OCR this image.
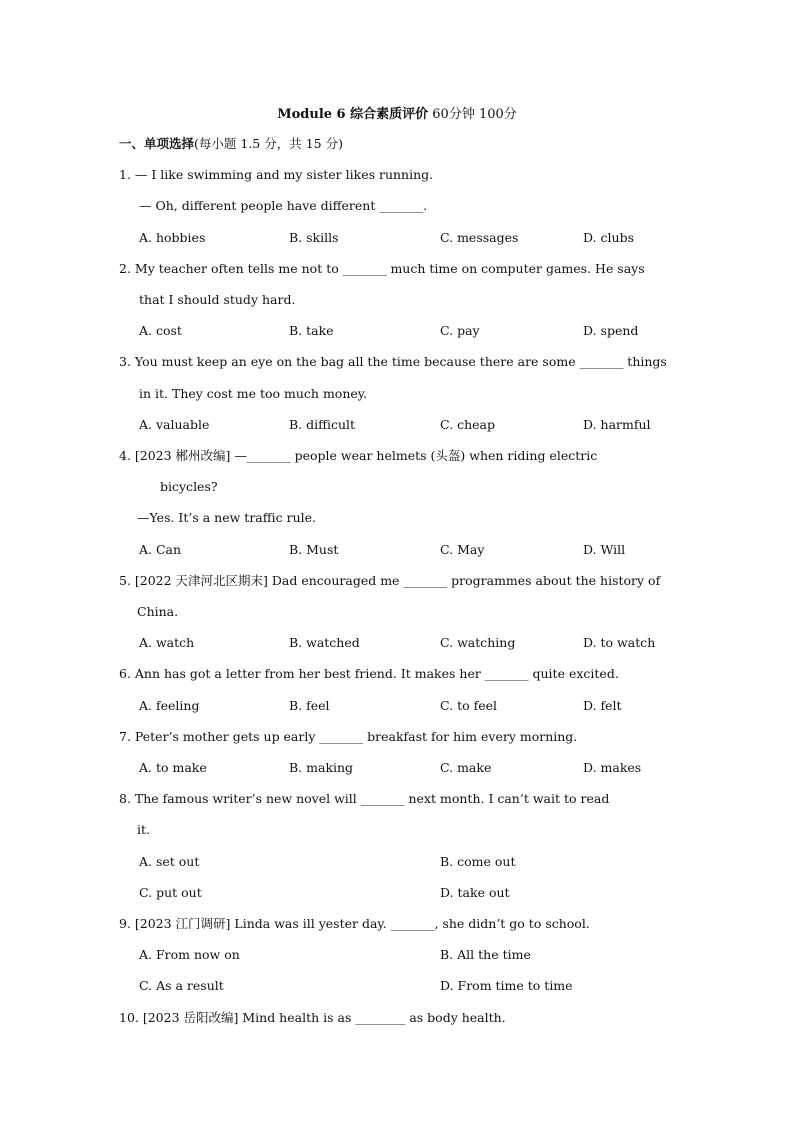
Module 6 综合素质评价 60分钟 100分
一、单项选择(每小题 1.5 分，共 15 分)
1. — I like swimming and my sister likes running.
— Oh, different people have different _______.
A. hobbies	B. skills	C. messages	D. clubs
2. My teacher often tells me not to _______ much time on computer games. He says
that I should study hard.
A. cost	B. take	C. pay	D. spend
3. You must keep an eye on the bag all the time because there are some _______ things
in it. They cost me too much money.
A. valuable	B. difficult	C. cheap	D. harmful
4. [2023 郴州改编] —_______ people wear helmets (头盔) when riding electric
bicycles?
—Yes. It’s a new traffic rule.
A. Can	B. Must	C. May	D. Will
5. [2022 天津河北区期末] Dad encouraged me _______ programmes about the history of
China.
A. watch	B. watched	C. watching	D. to watch
6. Ann has got a letter from her best friend. It makes her _______ quite excited.
A. feeling	B. feel	C. to feel	D. felt
7. Peter’s mother gets up early _______ breakfast for him every morning.
A. to make	B. making	C. make	D. makes
8. The famous writer’s new novel will _______ next month. I can’t wait to read
it.
A. set out	B. come out
C. put out	D. take out
9. [2023 江门调研] Linda was ill yester day. _______, she didn’t go to school.
A. From now on	B. All the time
C. As a result	D. From time to time
10. [2023 岳阳改编] Mind health is as ________ as body health.
